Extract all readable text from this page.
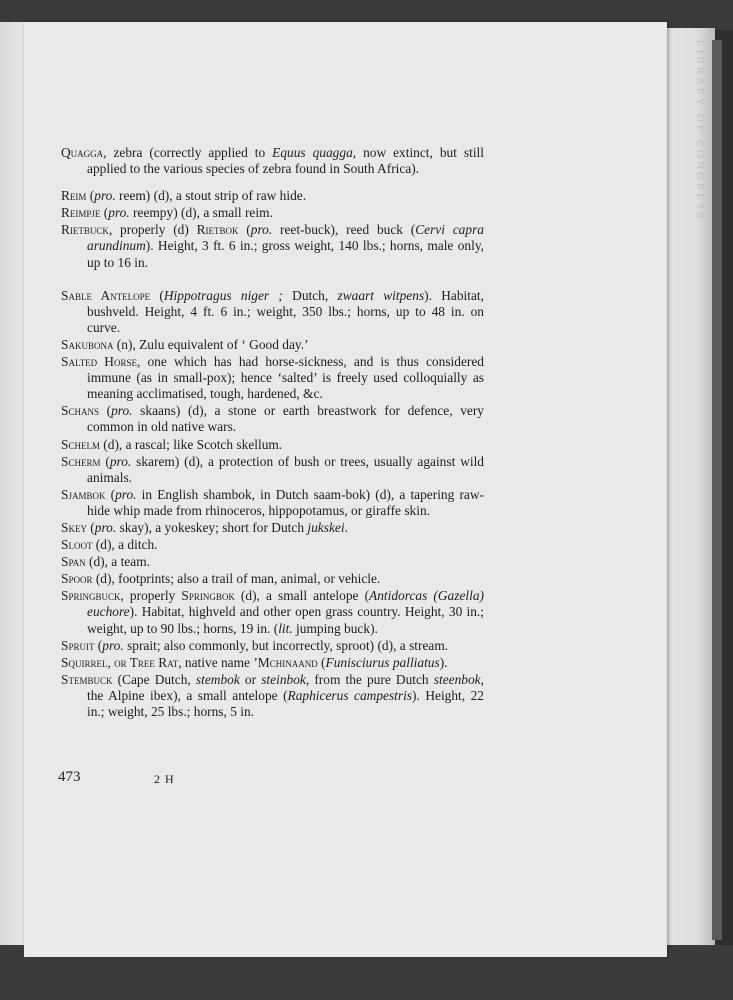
LIBRARY OF CONGRESS

Quagga, zebra (correctly applied to Equus quagga, now extinct, but still applied to the various species of zebra found in South Africa).

Reim (pro. reem) (d), a stout strip of raw hide.

Reimpje (pro. reempy) (d), a small reim.

Rietbuck, properly (d) Rietbok (pro. reet-buck), reed buck (Cervi capra arundinum). Height, 3 ft. 6 in.; gross weight, 140 lbs.; horns, male only, up to 16 in.

Sable Antelope (Hippotragus niger ; Dutch, zwaart witpens). Habitat, bushveld. Height, 4 ft. 6 in.; weight, 350 lbs.; horns, up to 48 in. on curve.

Sakubona (n), Zulu equivalent of ‘ Good day.’

Salted Horse, one which has had horse-sickness, and is thus considered immune (as in small-pox); hence ‘salted’ is freely used colloquially as meaning acclimatised, tough, hardened, &c.

Schans (pro. skaans) (d), a stone or earth breastwork for defence, very common in old native wars.

Schelm (d), a rascal; like Scotch skellum.

Scherm (pro. skarem) (d), a protection of bush or trees, usually against wild animals.

Sjambok (pro. in English shambok, in Dutch saam-bok) (d), a tapering raw-hide whip made from rhinoceros, hippopotamus, or giraffe skin.

Skey (pro. skay), a yokeskey; short for Dutch jukskei.

Sloot (d), a ditch.

Span (d), a team.

Spoor (d), footprints; also a trail of man, animal, or vehicle.

Springbuck, properly Springbok (d), a small antelope (Antidorcas (Gazella) euchore). Habitat, highveld and other open grass country. Height, 30 in.; weight, up to 90 lbs.; horns, 19 in. (lit. jumping buck).

Spruit (pro. sprait; also commonly, but incorrectly, sproot) (d), a stream.

Squirrel, or Tree Rat, native name ’Mchinaand (Funisciurus palliatus).

Stembuck (Cape Dutch, stembok or steinbok, from the pure Dutch steenbok, the Alpine ibex), a small antelope (Raphicerus campestris). Height, 22 in.; weight, 25 lbs.; horns, 5 in.

473	2 H
